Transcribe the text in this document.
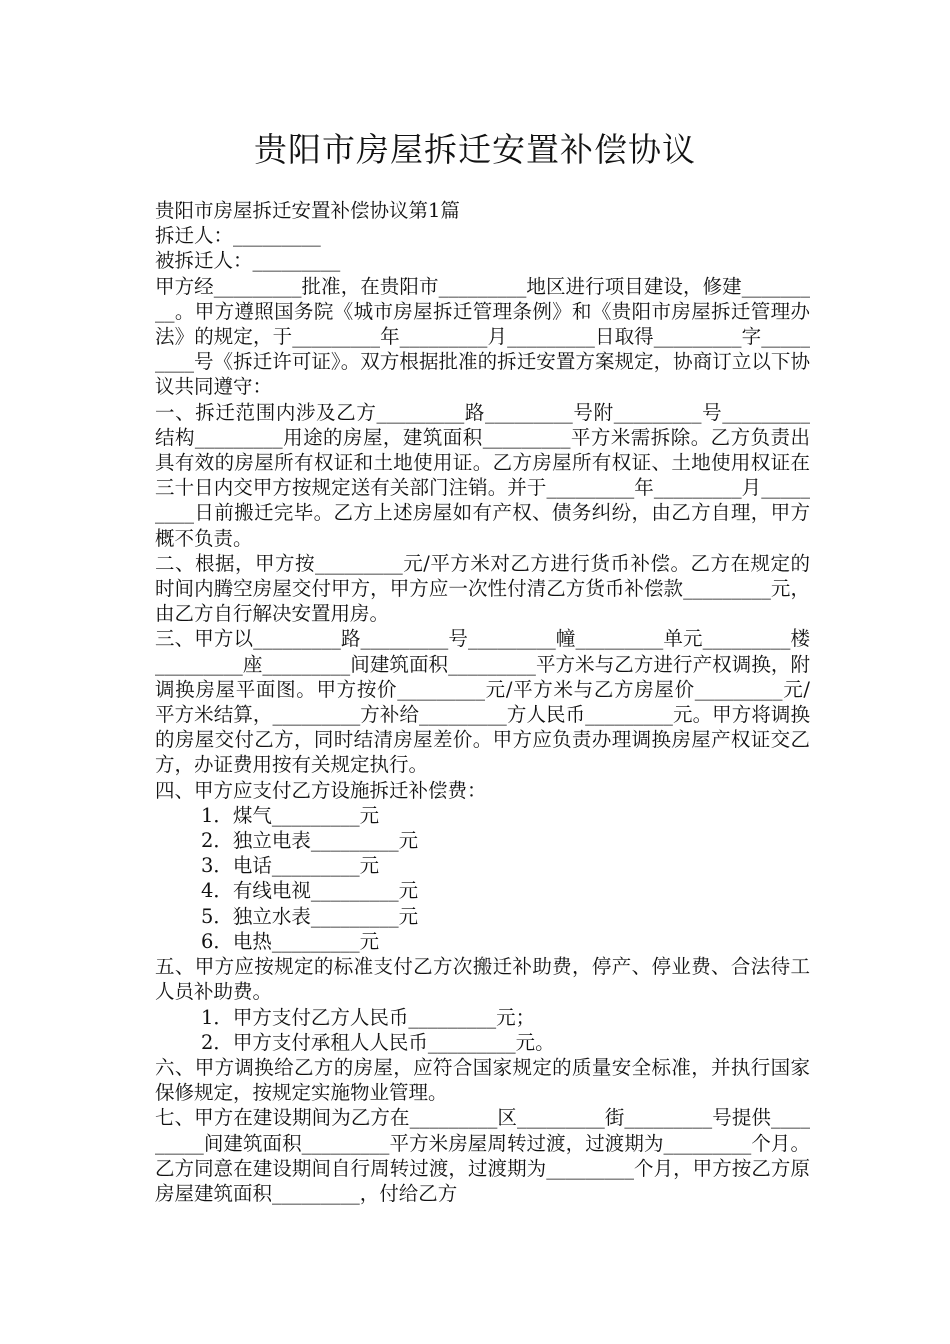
贵阳市房屋拆迁安置补偿协议

贵阳市房屋拆迁安置补偿协议第1篇

拆迁人：_________

被拆迁人：_________

甲方经_________批准，在贵阳市_________地区进行项目建设，修建_________。甲方遵照国务院《城市房屋拆迁管理条例》和《贵阳市房屋拆迁管理办法》的规定，于_________年_________月_________日取得_________字_________号《拆迁许可证》。双方根据批准的拆迁安置方案规定，协商订立以下协议共同遵守：

一、拆迁范围内涉及乙方_________路_________号附_________号_________结构_________用途的房屋，建筑面积_________平方米需拆除。乙方负责出具有效的房屋所有权证和土地使用证。乙方房屋所有权证、土地使用权证在三十日内交甲方按规定送有关部门注销。并于_________年_________月_________日前搬迁完毕。乙方上述房屋如有产权、债务纠纷，由乙方自理，甲方概不负责。

二、根据，甲方按_________元/平方米对乙方进行货币补偿。乙方在规定的时间内腾空房屋交付甲方，甲方应一次性付清乙方货币补偿款_________元，由乙方自行解决安置用房。

三、甲方以_________路_________号_________幢_________单元_________楼_________座_________间建筑面积_________平方米与乙方进行产权调换，附调换房屋平面图。甲方按价_________元/平方米与乙方房屋价_________元/平方米结算，_________方补给_________方人民币_________元。甲方将调换的房屋交付乙方，同时结清房屋差价。甲方应负责办理调换房屋产权证交乙方，办证费用按有关规定执行。

四、甲方应支付乙方设施拆迁补偿费：

1．煤气_________元

2．独立电表_________元

3．电话_________元

4．有线电视_________元

5．独立水表_________元

6．电热_________元

五、甲方应按规定的标准支付乙方次搬迁补助费，停产、停业费、合法待工人员补助费。

1．甲方支付乙方人民币_________元；

2．甲方支付承租人人民币_________元。

六、甲方调换给乙方的房屋，应符合国家规定的质量安全标准，并执行国家保修规定，按规定实施物业管理。

七、甲方在建设期间为乙方在_________区_________街_________号提供_________间建筑面积_________平方米房屋周转过渡，过渡期为_________个月。乙方同意在建设期间自行周转过渡，过渡期为_________个月，甲方按乙方原房屋建筑面积_________，付给乙方
